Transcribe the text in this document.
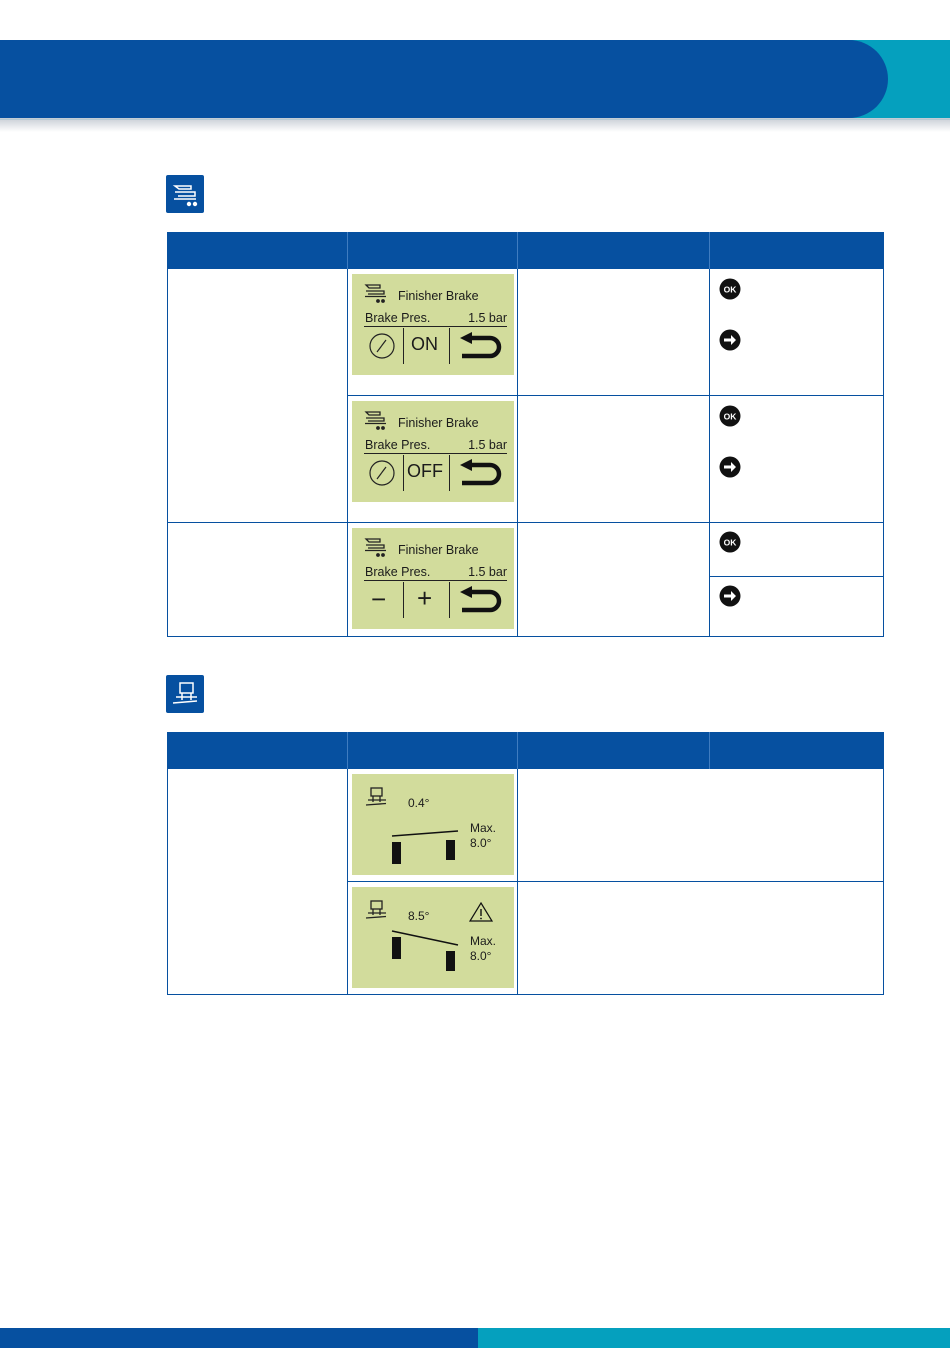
	Finisher Brake
Brake Pres. 1.5 bar
ON		OK

	Finisher Brake
Brake Pres. 1.5 bar
OFF		OK

	Finisher Brake
Brake Pres. 1.5 bar
− +		OK

	0.4°
Max.
8.0°		

	8.5°
Max.
8.0°		
